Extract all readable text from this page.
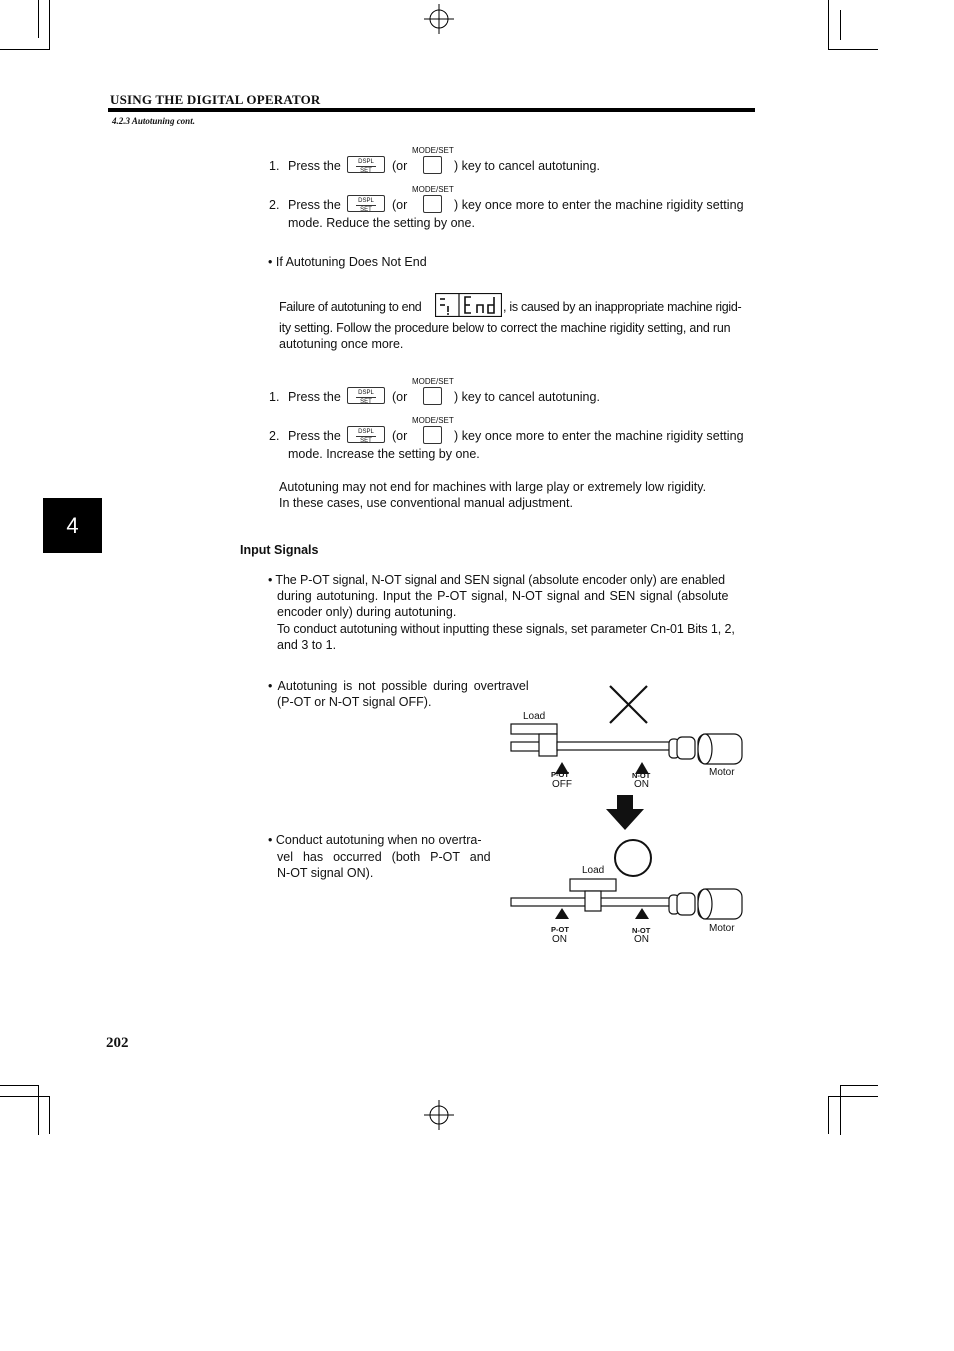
USING THE DIGITAL OPERATOR
4.2.3 Autotuning cont.
4
MODE/SET
1. Press the	DSPL
SET	(or	) key to cancel autotuning.
MODE/SET
2. Press the	DSPL
SET	(or	) key once more to enter the machine rigidity setting
mode. Reduce the setting by one.
• If Autotuning Does Not End
Failure of autotuning to end	, is caused by an inappropriate machine rigid-
ity setting. Follow the procedure below to correct the machine rigidity setting, and run
autotuning once more.
MODE/SET
1. Press the	DSPL
SET	(or	) key to cancel autotuning.
MODE/SET
2. Press the	DSPL
SET	(or	) key once more to enter the machine rigidity setting
mode. Increase the setting by one.
Autotuning may not end for machines with large play or extremely low rigidity.
In these cases, use conventional manual adjustment.
Input Signals
• The P-OT signal, N-OT signal and SEN signal (absolute encoder only) are enabled
during autotuning. Input the P-OT signal, N-OT signal and SEN signal (absolute
encoder only) during autotuning.
To conduct autotuning without inputting these signals, set parameter Cn-01 Bits 1, 2,
and 3 to 1.
• Autotuning is not possible during overtravel
(P-OT or N-OT signal OFF).
• Conduct autotuning when no overtra-
vel has occurred (both P-OT and
N-OT signal ON).
Load
Motor
P-OT
OFF
N-OT
ON
Load
Motor
P-OT
ON
N-OT
ON
202
